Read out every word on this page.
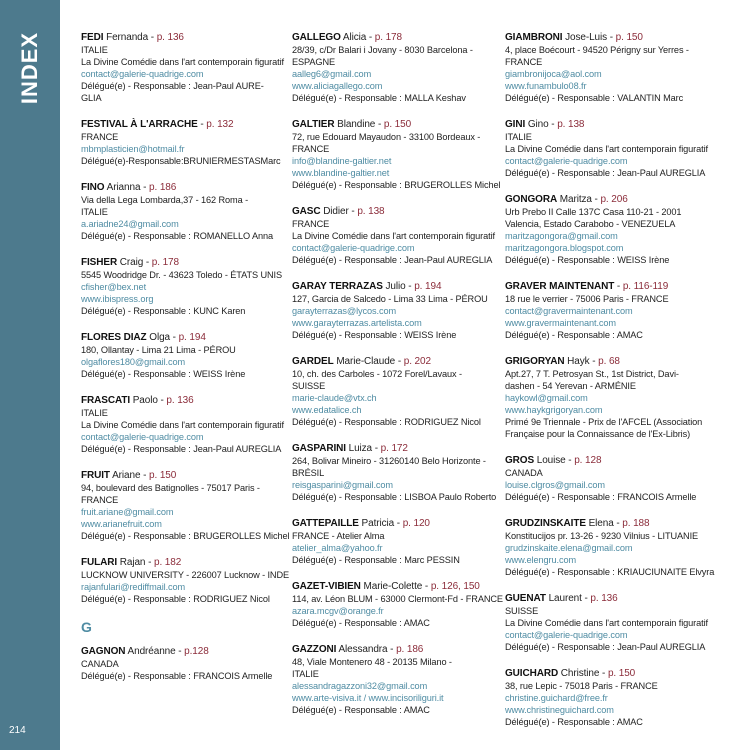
INDEX
214
FEDI Fernanda - p. 136
ITALIE
La Divine Comédie dans l'art contemporain figuratif
contact@galerie-quadrige.com
Délégué(e) - Responsable : Jean-Paul AURE-
GLIA
FESTIVAL À L'ARRACHE - p. 132
FRANCE
mbmplasticien@hotmail.fr
Délégué(e)-Responsable:BRUNIERMESTASMarc
FINO Arianna - p. 186
Via della Lega Lombarda,37 - 162 Roma -
ITALIE
a.ariadne24@gmail.com
Délégué(e) - Responsable : ROMANELLO Anna
FISHER Craig - p. 178
5545 Woodridge Dr. - 43623 Toledo - ÉTATS UNIS
cfisher@bex.net
www.ibispress.org
Délégué(e) - Responsable : KUNC Karen
FLORES DIAZ Olga - p. 194
180, Ollantay - Lima 21 Lima - PÉROU
olgaflores180@gmail.com
Délégué(e) - Responsable : WEISS Irène
FRASCATI Paolo - p. 136
ITALIE
La Divine Comédie dans l'art contemporain figuratif
contact@galerie-quadrige.com
Délégué(e) - Responsable : Jean-Paul AUREGLIA
FRUIT Ariane - p. 150
94, boulevard des Batignolles - 75017 Paris -
FRANCE
fruit.ariane@gmail.com
www.arianefruit.com
Délégué(e) - Responsable : BRUGEROLLES Michel
FULARI Rajan - p. 182
LUCKNOW UNIVERSITY - 226007 Lucknow - INDE
rajanfulari@rediffmail.com
Délégué(e) - Responsable : RODRIGUEZ Nicol
G
GAGNON Andréanne - p.128
CANADA
Délégué(e) - Responsable : FRANCOIS Armelle
GALLEGO Alicia - p. 178
28/39, c/Dr Balari i Jovany - 8030 Barcelona -
ESPAGNE
aalleg6@gmail.com
www.aliciagallego.com
Délégué(e) - Responsable : MALLA Keshav
GALTIER Blandine - p. 150
72, rue Edouard Mayaudon - 33100 Bordeaux -
FRANCE
info@blandine-galtier.net
www.blandine-galtier.net
Délégué(e) - Responsable : BRUGEROLLES Michel
GASC Didier - p. 138
FRANCE
La Divine Comédie dans l'art contemporain figuratif
contact@galerie-quadrige.com
Délégué(e) - Responsable : Jean-Paul AUREGLIA
GARAY TERRAZAS Julio - p. 194
127, Garcia de Salcedo - Lima 33 Lima - PÉROU
garayterrazas@lycos.com
www.garayterrazas.artelista.com
Délégué(e) - Responsable : WEISS Irène
GARDEL Marie-Claude - p. 202
10, ch. des Carboles - 1072 Forel/Lavaux -
SUISSE
marie-claude@vtx.ch
www.edatalice.ch
Délégué(e) - Responsable : RODRIGUEZ Nicol
GASPARINI Luiza - p. 172
264, Bolivar Mineiro - 31260140 Belo Horizonte -
BRÉSIL
reisgasparini@gmail.com
Délégué(e) - Responsable : LISBOA Paulo Roberto
GATTEPAILLE Patricia - p. 120
FRANCE - Atelier Alma
atelier_alma@yahoo.fr
Délégué(e) - Responsable : Marc PESSIN
GAZET-VIBIEN Marie-Colette - p. 126, 150
114, av. Léon BLUM - 63000 Clermont-Fd - FRANCE
azara.mcgv@orange.fr
Délégué(e) - Responsable : AMAC
GAZZONI Alessandra - p. 186
48, Viale Montenero 48 - 20135 Milano -
ITALIE
alessandragazzoni32@gmail.com
www.arte-visiva.it / www.incisoriliguri.it
Délégué(e) - Responsable : AMAC
GIAMBRONI Jose-Luis - p. 150
4, place Boécourt - 94520 Périgny sur Yerres -
FRANCE
giambronijoca@aol.com
www.funambulo08.fr
Délégué(e) - Responsable : VALANTIN Marc
GINI Gino - p. 138
ITALIE
La Divine Comédie dans l'art contemporain figuratif
contact@galerie-quadrige.com
Délégué(e) - Responsable : Jean-Paul AUREGLIA
GONGORA Maritza - p. 206
Urb Prebo II Calle 137C Casa 110-21 - 2001
Valencia, Estado Carabobo - VENEZUELA
maritzagongora@gmail.com
maritzagongora.blogspot.com
Délégué(e) - Responsable : WEISS Irène
GRAVER MAINTENANT - p. 116-119
18 rue le verrier - 75006 Paris - FRANCE
contact@gravermaintenant.com
www.gravermaintenant.com
Délégué(e) - Responsable : AMAC
GRIGORYAN Hayk - p. 68
Apt.27, 7 T. Petrosyan St., 1st District, Davi-
dashen - 54 Yerevan - ARMÉNIE
haykowl@gmail.com
www.haykgrigoryan.com
Primé 9e Triennale - Prix de l'AFCEL (Association
Française pour la Connaissance de l'Ex-Libris)
GROS Louise - p. 128
CANADA
louise.clgros@gmail.com
Délégué(e) - Responsable : FRANCOIS Armelle
GRUDZINSKAITE Elena - p. 188
Konstitucijos pr. 13-26 - 9230 Vilnius - LITUANIE
grudzinskaite.elena@gmail.com
www.elengru.com
Délégué(e) - Responsable : KRIAUCIUNAITE Elvyra
GUENAT Laurent - p. 136
SUISSE
La Divine Comédie dans l'art contemporain figuratif
contact@galerie-quadrige.com
Délégué(e) - Responsable : Jean-Paul AUREGLIA
GUICHARD Christine - p. 150
38, rue Lepic - 75018 Paris - FRANCE
christine.guichard@free.fr
www.christineguichard.com
Délégué(e) - Responsable : AMAC
